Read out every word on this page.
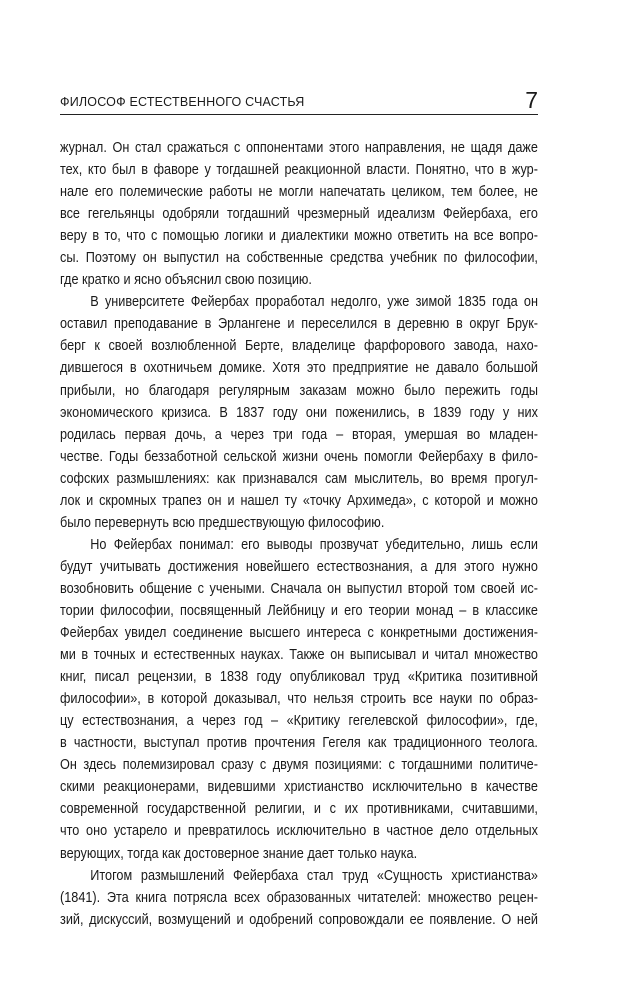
ФИЛОСОФ ЕСТЕСТВЕННОГО СЧАСТЬЯ	7
журнал. Он стал сражаться с оппонентами этого направления, не щадя даже
тех, кто был в фаворе у тогдашней реакционной власти. Понятно, что в жур-
нале его полемические работы не могли напечатать целиком, тем более, не
все гегельянцы одобряли тогдашний чрезмерный идеализм Фейербаха, его
веру в то, что с помощью логики и диалектики можно ответить на все вопро-
сы. Поэтому он выпустил на собственные средства учебник по философии,
где кратко и ясно объяснил свою позицию.
В университете Фейербах проработал недолго, уже зимой 1835 года он
оставил преподавание в Эрлангене и переселился в деревню в округ Брук-
берг к своей возлюбленной Берте, владелице фарфорового завода, нахо-
дившегося в охотничьем домике. Хотя это предприятие не давало большой
прибыли, но благодаря регулярным заказам можно было пережить годы
экономического кризиса. В 1837 году они поженились, в 1839 году у них
родилась первая дочь, а через три года – вторая, умершая во младен-
честве. Годы беззаботной сельской жизни очень помогли Фейербаху в фило-
софских размышлениях: как признавался сам мыслитель, во время прогул-
лок и скромных трапез он и нашел ту «точку Архимеда», с которой и можно
было перевернуть всю предшествующую философию.
Но Фейербах понимал: его выводы прозвучат убедительно, лишь если
будут учитывать достижения новейшего естествознания, а для этого нужно
возобновить общение с учеными. Сначала он выпустил второй том своей ис-
тории философии, посвященный Лейбницу и его теории монад – в классике
Фейербах увидел соединение высшего интереса с конкретными достижения-
ми в точных и естественных науках. Также он выписывал и читал множество
книг, писал рецензии, в 1838 году опубликовал труд «Критика позитивной
философии», в которой доказывал, что нельзя строить все науки по образ-
цу естествознания, а через год – «Критику гегелевской философии», где,
в частности, выступал против прочтения Гегеля как традиционного теолога.
Он здесь полемизировал сразу с двумя позициями: с тогдашними политиче-
скими реакционерами, видевшими христианство исключительно в качестве
современной государственной религии, и с их противниками, считавшими,
что оно устарело и превратилось исключительно в частное дело отдельных
верующих, тогда как достоверное знание дает только наука.
Итогом размышлений Фейербаха стал труд «Сущность христианства»
(1841). Эта книга потрясла всех образованных читателей: множество рецен-
зий, дискуссий, возмущений и одобрений сопровождали ее появление. О ней
